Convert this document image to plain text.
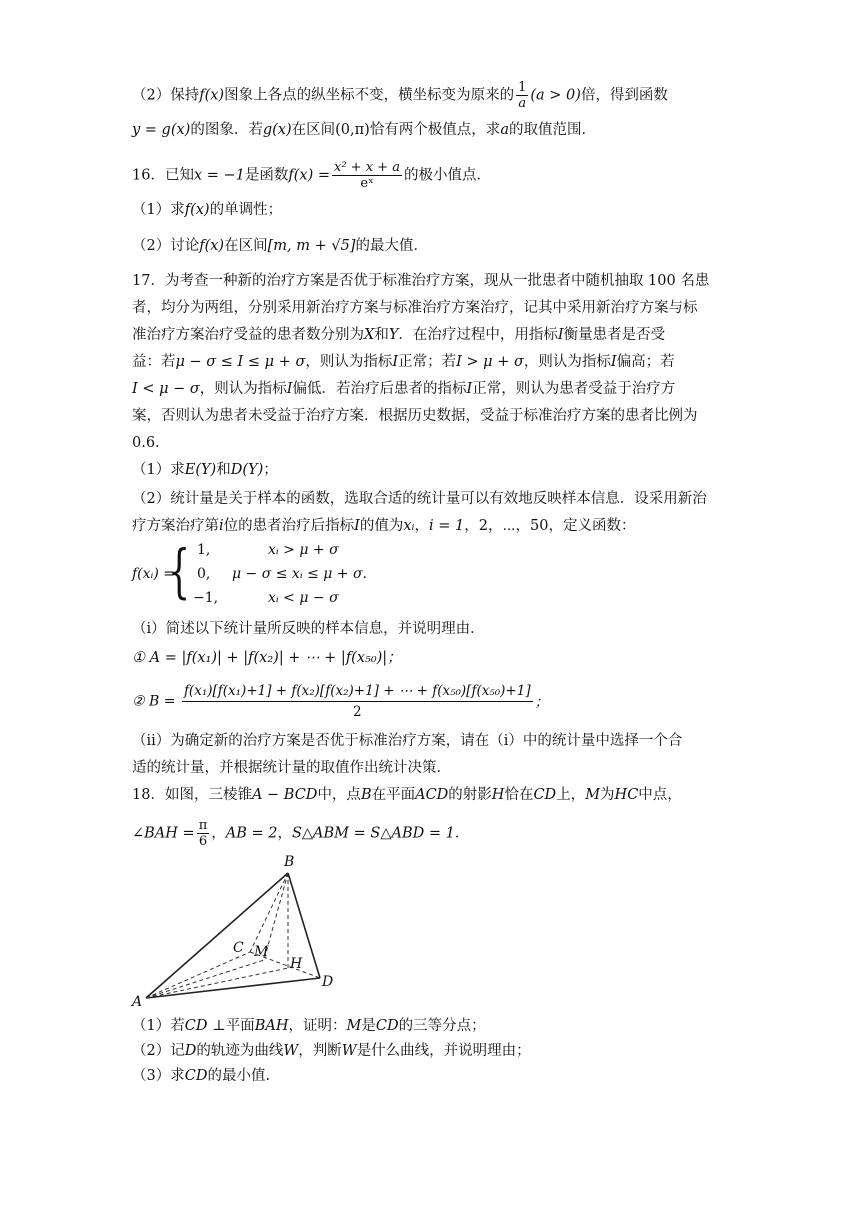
（2）保持f(x)图象上各点的纵坐标不变，横坐标变为原来的 $\frac{1}{a} (a > 0)$倍，得到函数
y = g(x)的图象．若g(x)在区间(0,π)恰有两个极值点，求a的取值范围．
16．已知x = −1是函数$f(x) = \frac{\text{x² + x + a}}{\text{eˣ}}$ 的极小值点．
（1）求f(x)的单调性；
（2）讨论f(x)在区间[m, m + √5]的最大值．
17．为考查一种新的治疗方案是否优于标准治疗方案，现从一批患者中随机抽取 100 名患
者，均分为两组，分别采用新治疗方案与标准治疗方案治疗，记其中采用新治疗方案与标
准治疗方案治疗受益的患者数分别为X和Y．在治疗过程中，用指标I衡量患者是否受
益：若μ − σ ≤ I ≤ μ + σ，则认为指标I正常；若I > μ + σ，则认为指标I偏高；若
I < μ − σ，则认为指标I偏低．若治疗后患者的指标I正常，则认为患者受益于治疗方
案，否则认为患者未受益于治疗方案．根据历史数据，受益于标准治疗方案的患者比例为
0.6．
（1）求E(Y)和D(Y)；
（2）统计量是关于样本的函数，选取合适的统计量可以有效地反映样本信息．设采用新治
疗方案治疗第i位的患者治疗后指标I的值为xᵢ，i = 1，2，⋯，50，定义函数：
f(xᵢ) =
{ 1,	xᵢ > μ + σ
0, μ − σ ≤ xᵢ ≤ μ + σ.
−1,	xᵢ < μ − σ
（ⅰ）简述以下统计量所反映的样本信息，并说明理由．
① A = |f(x₁)| + |f(x₂)| + ⋯ + |f(x₅₀)|；
② $B = \frac{\text{f(x₁)[f(x₁)+1] + f(x₂)[f(x₂)+1] + ⋯ + f(x₅₀)[f(x₅₀)+1]}}{2}$ ；
（ⅱ）为确定新的治疗方案是否优于标准治疗方案，请在（ⅰ）中的统计量中选择一个合
适的统计量，并根据统计量的取值作出统计决策．
18．如图，三棱锥A − BCD中，点B在平面ACD的射影H恰在CD上，M为HC中点，
∠BAH = $\frac{\pi}{6}$ ，AB = 2，S△ABM = S△ABD = 1．
A
B
C M
H
D
（1）若CD ⊥平面BAH，证明：M是CD的三等分点；
（2）记D的轨迹为曲线W，判断W是什么曲线，并说明理由；
（3）求CD的最小值.
